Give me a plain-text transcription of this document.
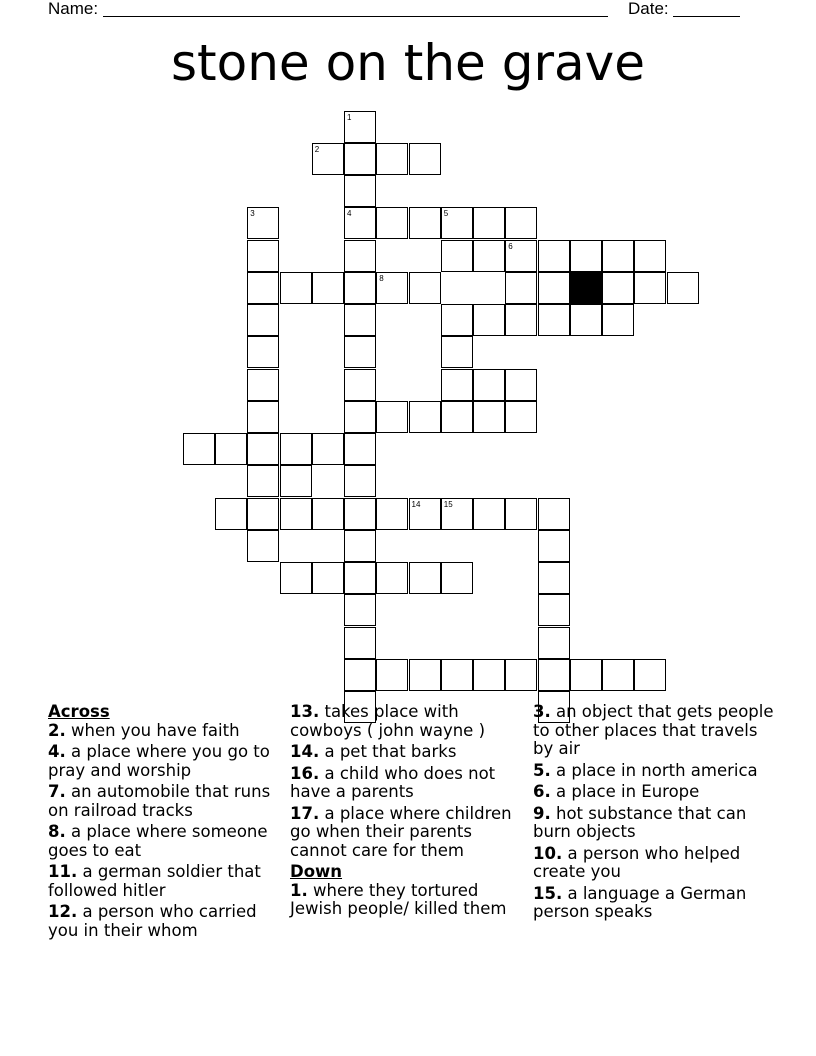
Name:	Date:
stone on the grave
1
4
2
3	5
6
8
14	15
Across
2. when you have faith
4. a place where you go to pray and worship
7. an automobile that runs on railroad tracks
8. a place where someone goes to eat
11. a german soldier that followed hitler
12. a person who carried you in their whom
13. takes place with cowboys ( john wayne )
14. a pet that barks
16. a child who does not have a parents
17. a place where children go when their parents cannot care for them
Down
1. where they tortured Jewish people/ killed them
3. an object that gets people to other places that travels by air
5. a place in north america
6. a place in Europe
9. hot substance that can burn objects
10. a person who helped create you
15. a language a German person speaks
